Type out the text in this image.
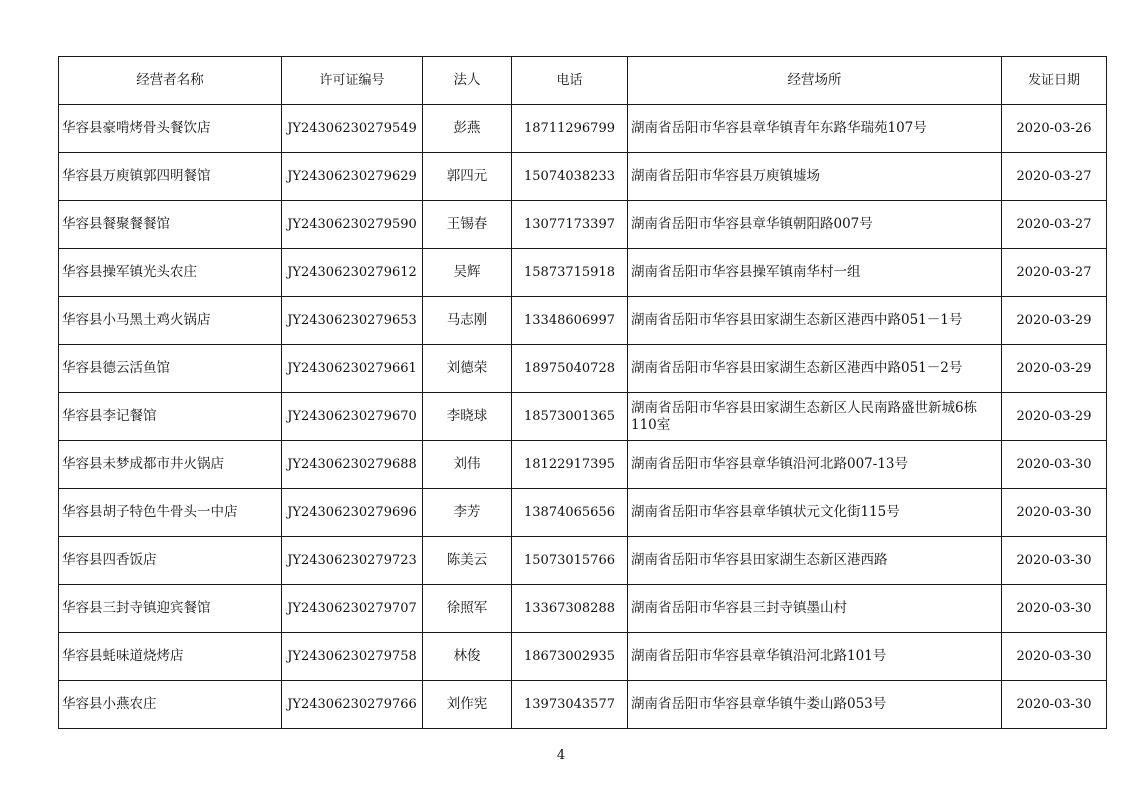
经营者名称	许可证编号	法人	电话	经营场所	发证日期
华容县豪啃烤骨头餐饮店	JY24306230279549	彭燕	18711296799	湖南省岳阳市华容县章华镇青年东路华瑞苑107号	2020-03-26
华容县万庾镇郭四明餐馆	JY24306230279629	郭四元	15074038233	湖南省岳阳市华容县万庾镇墟场	2020-03-27
华容县餐聚餐餐馆	JY24306230279590	王锡春	13077173397	湖南省岳阳市华容县章华镇朝阳路007号	2020-03-27
华容县操军镇光头农庄	JY24306230279612	吴辉	15873715918	湖南省岳阳市华容县操军镇南华村一组	2020-03-27
华容县小马黑土鸡火锅店	JY24306230279653	马志刚	13348606997	湖南省岳阳市华容县田家湖生态新区港西中路051－1号	2020-03-29
华容县德云活鱼馆	JY24306230279661	刘德荣	18975040728	湖南省岳阳市华容县田家湖生态新区港西中路051－2号	2020-03-29
华容县李记餐馆	JY24306230279670	李晓球	18573001365	湖南省岳阳市华容县田家湖生态新区人民南路盛世新城6栋110室	2020-03-29
华容县未梦成都市井火锅店	JY24306230279688	刘伟	18122917395	湖南省岳阳市华容县章华镇沿河北路007-13号	2020-03-30
华容县胡子特色牛骨头一中店	JY24306230279696	李芳	13874065656	湖南省岳阳市华容县章华镇状元文化街115号	2020-03-30
华容县四香饭店	JY24306230279723	陈美云	15073015766	湖南省岳阳市华容县田家湖生态新区港西路	2020-03-30
华容县三封寺镇迎宾餐馆	JY24306230279707	徐照军	13367308288	湖南省岳阳市华容县三封寺镇墨山村	2020-03-30
华容县蚝味道烧烤店	JY24306230279758	林俊	18673002935	湖南省岳阳市华容县章华镇沿河北路101号	2020-03-30
华容县小燕农庄	JY24306230279766	刘作宪	13973043577	湖南省岳阳市华容县章华镇牛娄山路053号	2020-03-30
4
